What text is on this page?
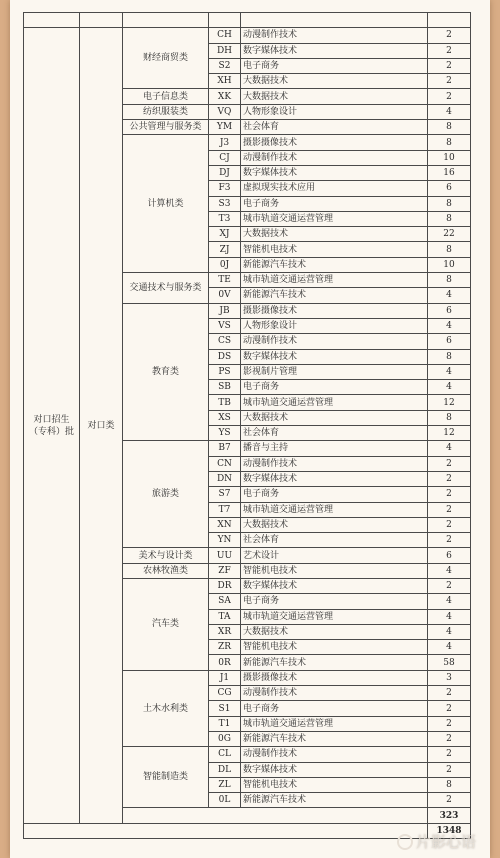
对口招生
（专科）批	对口类	财经商贸类	CH	动漫制作技术	2
			DH	数字媒体技术	2
			S2	电子商务	2
			XH	大数据技术	2
		电子信息类	XK	大数据技术	2
		纺织服装类	VQ	人物形象设计	4
		公共管理与服务类	YM	社会体育	8
		计算机类	J3	摄影摄像技术	8
			CJ	动漫制作技术	10
			DJ	数字媒体技术	16
			F3	虚拟现实技术应用	6
			S3	电子商务	8
			T3	城市轨道交通运营管理	8
			XJ	大数据技术	22
			ZJ	智能机电技术	8
			0J	新能源汽车技术	10
		交通技术与服务类	TE	城市轨道交通运营管理	8
			0V	新能源汽车技术	4
		教育类	JB	摄影摄像技术	6
			VS	人物形象设计	4
			CS	动漫制作技术	6
			DS	数字媒体技术	8
			PS	影视制片管理	4
			SB	电子商务	4
			TB	城市轨道交通运营管理	12
			XS	大数据技术	8
			YS	社会体育	12
		旅游类	B7	播音与主持	4
			CN	动漫制作技术	2
			DN	数字媒体技术	2
			S7	电子商务	2
			T7	城市轨道交通运营管理	2
			XN	大数据技术	2
			YN	社会体育	2
		美术与设计类	UU	艺术设计	6
		农林牧渔类	ZF	智能机电技术	4
		汽车类	DR	数字媒体技术	2
			SA	电子商务	4
			TA	城市轨道交通运营管理	4
			XR	大数据技术	4
			ZR	智能机电技术	4
			0R	新能源汽车技术	58
		土木水利类	J1	摄影摄像技术	3
			CG	动漫制作技术	2
			S1	电子商务	2
			T1	城市轨道交通运营管理	2
			0G	新能源汽车技术	2
		智能制造类	CL	动漫制作技术	2
			DL	数字媒体技术	2
			ZL	智能机电技术	8
			0L	新能源汽车技术	2
					323
					1348
片影心语
